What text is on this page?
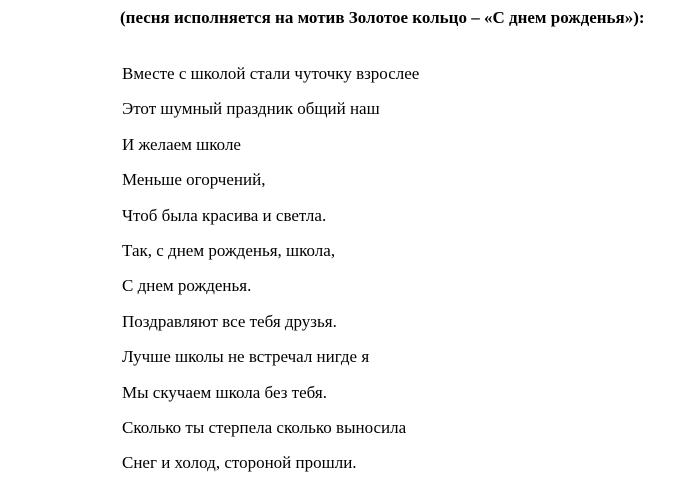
(песня исполняется на мотив Золотое кольцо – «С днем рожденья»):

Вместе с школой стали чуточку взрослее
Этот шумный праздник общий наш
И желаем школе
Меньше огорчений,
Чтоб была красива и светла.
Так, с днем рожденья, школа,
С днем рожденья.
Поздравляют все тебя друзья.
Лучше школы не встречал нигде я
Мы скучаем школа без тебя.
Сколько ты стерпела сколько выносила
Снег и холод, стороной прошли.
